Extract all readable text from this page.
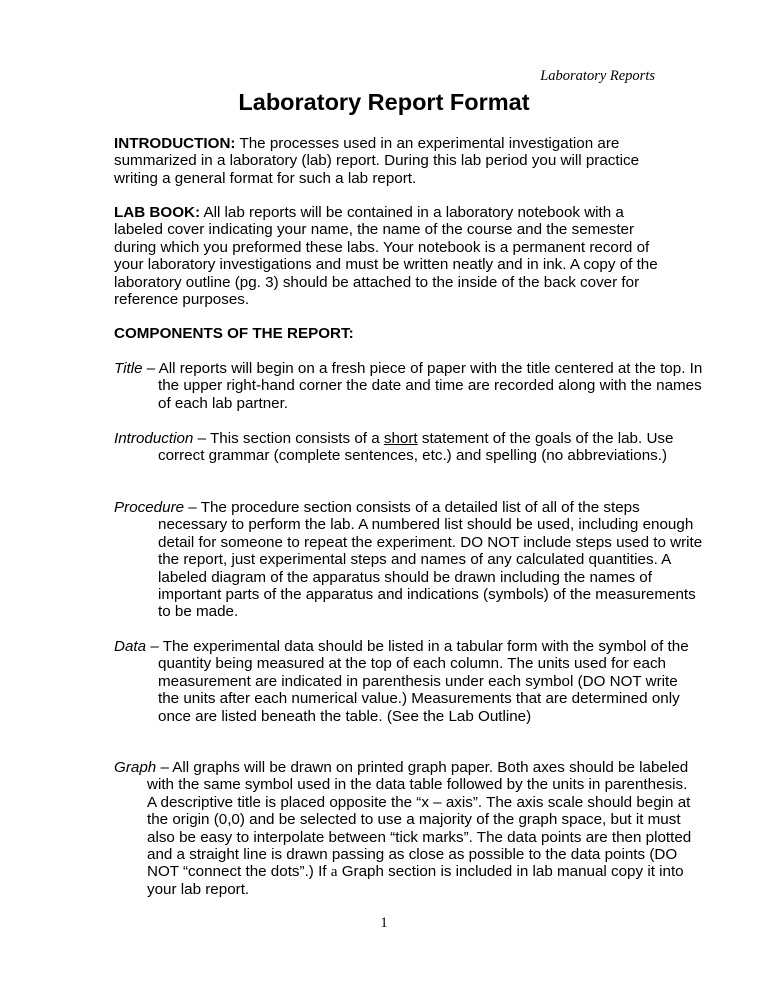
Laboratory Reports
Laboratory Report Format
INTRODUCTION: The processes used in an experimental investigation are summarized in a laboratory (lab) report. During this lab period you will practice writing a general format for such a lab report.
LAB BOOK: All lab reports will be contained in a laboratory notebook with a labeled cover indicating your name, the name of the course and the semester during which you preformed these labs. Your notebook is a permanent record of your laboratory investigations and must be written neatly and in ink. A copy of the laboratory outline (pg. 3) should be attached to the inside of the back cover for reference purposes.
COMPONENTS OF THE REPORT:
Title – All reports will begin on a fresh piece of paper with the title centered at the top. In the upper right-hand corner the date and time are recorded along with the names of each lab partner.
Introduction – This section consists of a short statement of the goals of the lab. Use correct grammar (complete sentences, etc.) and spelling (no abbreviations.)
Procedure – The procedure section consists of a detailed list of all of the steps necessary to perform the lab. A numbered list should be used, including enough detail for someone to repeat the experiment. DO NOT include steps used to write the report, just experimental steps and names of any calculated quantities. A labeled diagram of the apparatus should be drawn including the names of important parts of the apparatus and indications (symbols) of the measurements to be made.
Data – The experimental data should be listed in a tabular form with the symbol of the quantity being measured at the top of each column. The units used for each measurement are indicated in parenthesis under each symbol (DO NOT write the units after each numerical value.) Measurements that are determined only once are listed beneath the table. (See the Lab Outline)
Graph – All graphs will be drawn on printed graph paper. Both axes should be labeled with the same symbol used in the data table followed by the units in parenthesis. A descriptive title is placed opposite the “x – axis”. The axis scale should begin at the origin (0,0) and be selected to use a majority of the graph space, but it must also be easy to interpolate between “tick marks”. The data points are then plotted and a straight line is drawn passing as close as possible to the data points (DO NOT “connect the dots”.) If a Graph section is included in lab manual copy it into your lab report.
1
